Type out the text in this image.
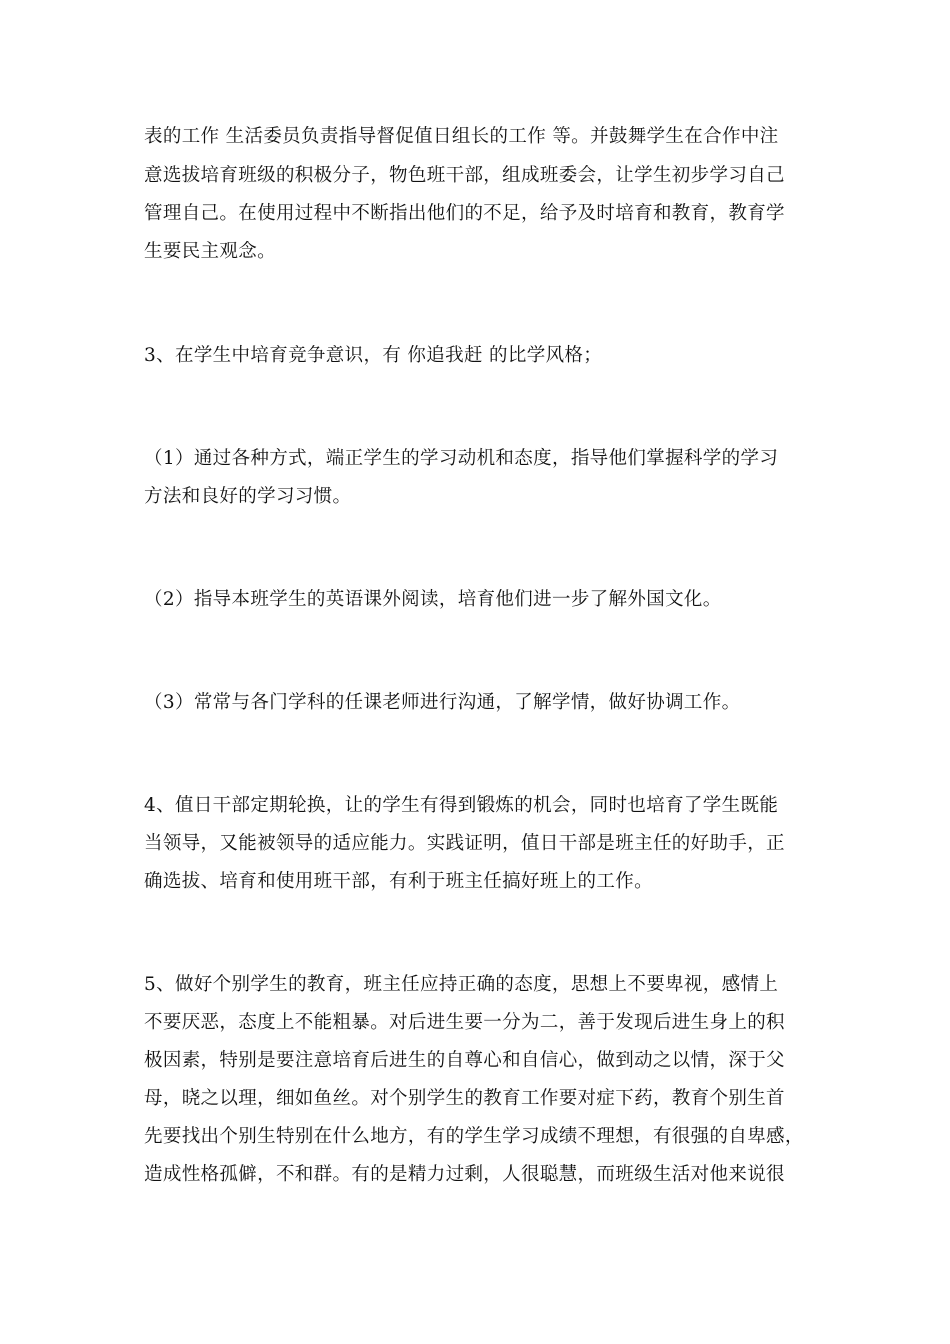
表的工作 生活委员负责指导督促值日组长的工作 等。并鼓舞学生在合作中注

意选拔培育班级的积极分子，物色班干部，组成班委会，让学生初步学习自己

管理自己。在使用过程中不断指出他们的不足，给予及时培育和教育，教育学

生要民主观念。

3、在学生中培育竞争意识，有 你追我赶 的比学风格；

（1）通过各种方式，端正学生的学习动机和态度，指导他们掌握科学的学习

方法和良好的学习习惯。

（2）指导本班学生的英语课外阅读，培育他们进一步了解外国文化。

（3）常常与各门学科的任课老师进行沟通，了解学情，做好协调工作。

4、值日干部定期轮换，让的学生有得到锻炼的机会，同时也培育了学生既能

当领导，又能被领导的适应能力。实践证明，值日干部是班主任的好助手，正

确选拔、培育和使用班干部，有利于班主任搞好班上的工作。

5、做好个别学生的教育，班主任应持正确的态度，思想上不要卑视，感情上

不要厌恶，态度上不能粗暴。对后进生要一分为二，善于发现后进生身上的积

极因素，特别是要注意培育后进生的自尊心和自信心，做到动之以情，深于父

母，晓之以理，细如鱼丝。对个别学生的教育工作要对症下药，教育个别生首

先要找出个别生特别在什么地方，有的学生学习成绩不理想，有很强的自卑感，

造成性格孤僻，不和群。有的是精力过剩，人很聪慧，而班级生活对他来说很
